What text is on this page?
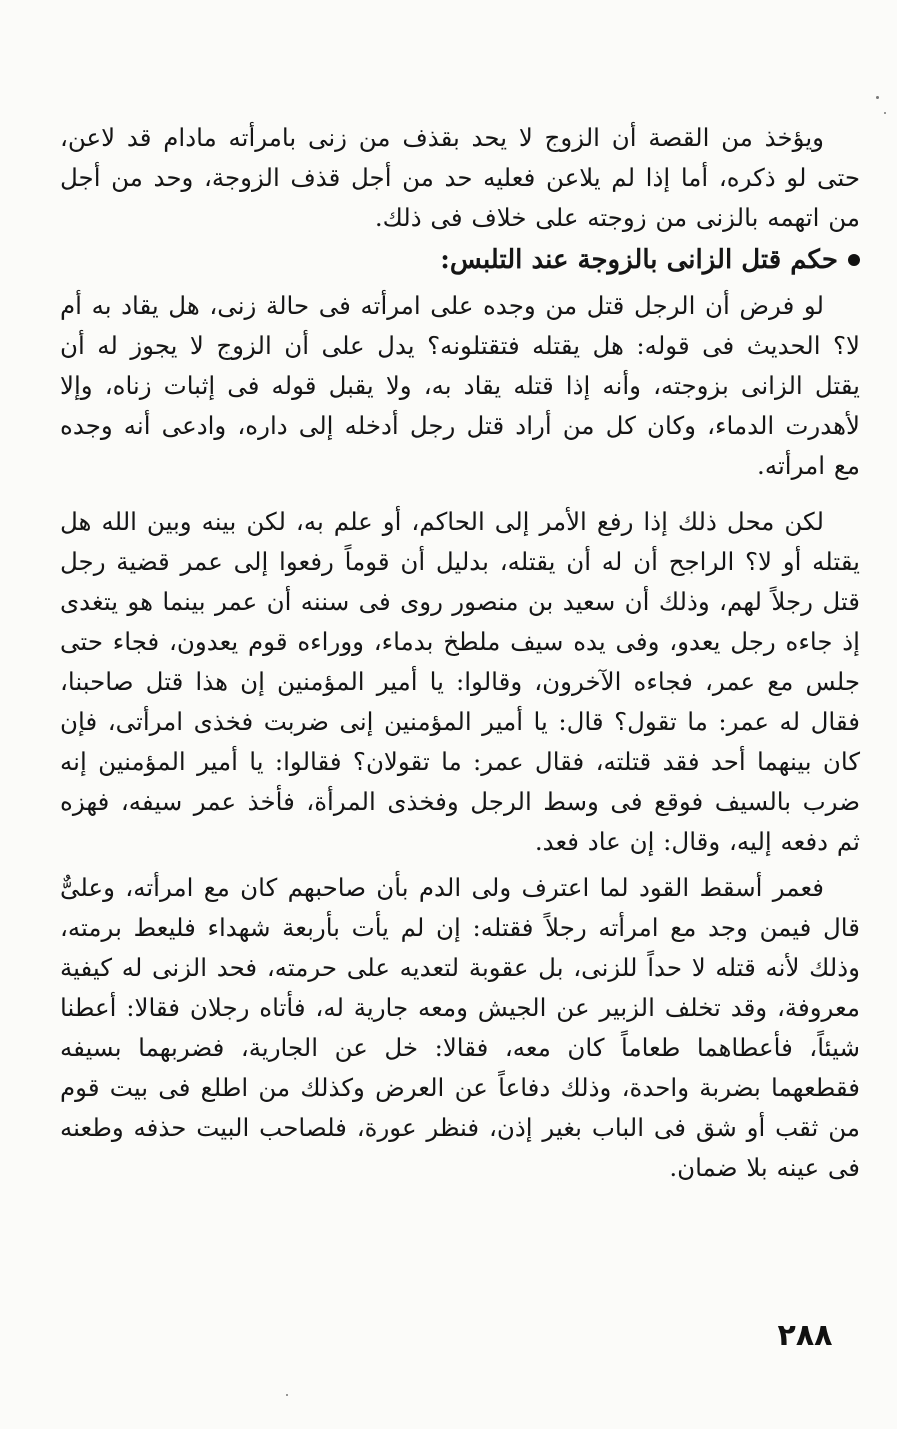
ويؤخذ من القصة أن الزوج لا يحد بقذف من زنى بامرأته مادام قد لاعن، حتى لو ذكره، أما إذا لم يلاعن فعليه حد من أجل قذف الزوجة، وحد من أجل من اتهمه بالزنى من زوجته على خلاف فى ذلك.

حكم قتل الزانى بالزوجة عند التلبس:

لو فرض أن الرجل قتل من وجده على امرأته فى حالة زنى، هل يقاد به أم لا؟ الحديث فى قوله: هل يقتله فتقتلونه؟ يدل على أن الزوج لا يجوز له أن يقتل الزانى بزوجته، وأنه إذا قتله يقاد به، ولا يقبل قوله فى إثبات زناه، وإلا لأهدرت الدماء، وكان كل من أراد قتل رجل أدخله إلى داره، وادعى أنه وجده مع امرأته.

لكن محل ذلك إذا رفع الأمر إلى الحاكم، أو علم به، لكن بينه وبين الله هل يقتله أو لا؟ الراجح أن له أن يقتله، بدليل أن قوماً رفعوا إلى عمر قضية رجل قتل رجلاً لهم، وذلك أن سعيد بن منصور روى فى سننه أن عمر بينما هو يتغدى إذ جاءه رجل يعدو، وفى يده سيف ملطخ بدماء، ووراءه قوم يعدون، فجاء حتى جلس مع عمر، فجاءه الآخرون، وقالوا: يا أمير المؤمنين إن هذا قتل صاحبنا، فقال له عمر: ما تقول؟ قال: يا أمير المؤمنين إنى ضربت فخذى امرأتى، فإن كان بينهما أحد فقد قتلته، فقال عمر: ما تقولان؟ فقالوا: يا أمير المؤمنين إنه ضرب بالسيف فوقع فى وسط الرجل وفخذى المرأة، فأخذ عمر سيفه، فهزه ثم دفعه إليه، وقال: إن عاد فعد.

فعمر أسقط القود لما اعترف ولى الدم بأن صاحبهم كان مع امرأته، وعلىٌّ قال فيمن وجد مع امرأته رجلاً فقتله: إن لم يأت بأربعة شهداء فليعط برمته، وذلك لأنه قتله لا حداً للزنى، بل عقوبة لتعديه على حرمته، فحد الزنى له كيفية معروفة، وقد تخلف الزبير عن الجيش ومعه جارية له، فأتاه رجلان فقالا: أعطنا شيئاً، فأعطاهما طعاماً كان معه، فقالا: خل عن الجارية، فضربهما بسيفه فقطعهما بضربة واحدة، وذلك دفاعاً عن العرض وكذلك من اطلع فى بيت قوم من ثقب أو شق فى الباب بغير إذن، فنظر عورة، فلصاحب البيت حذفه وطعنه فى عينه بلا ضمان.

٢٨٨
